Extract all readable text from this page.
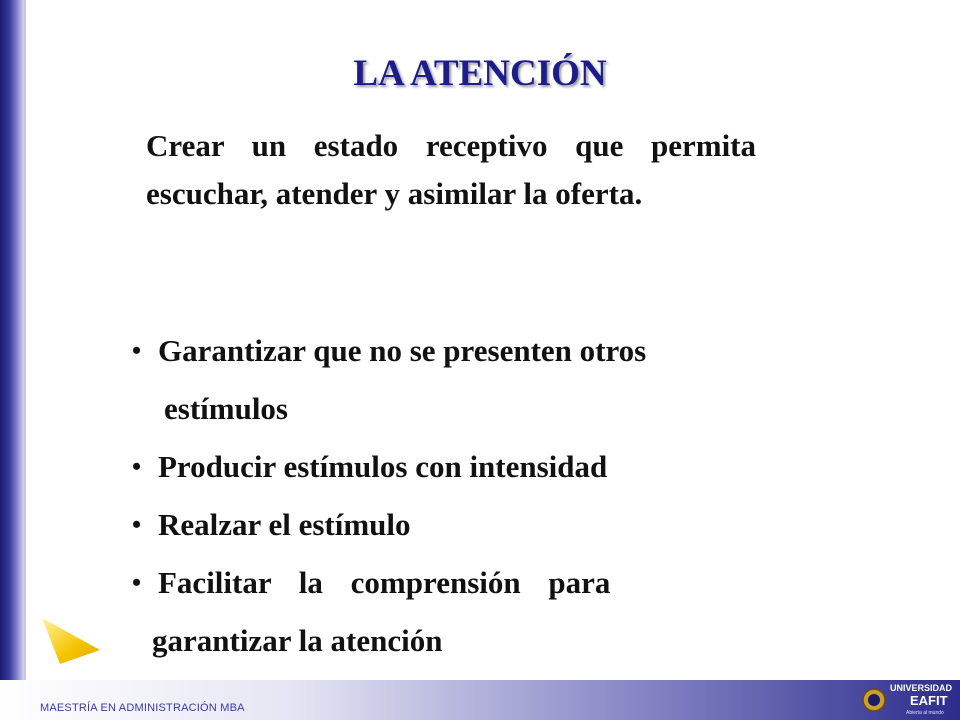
LA ATENCIÓN

Crear un estado receptivo que permita escuchar, atender y asimilar la oferta.

• Garantizar que no se presenten otros
estímulos
• Producir estímulos con intensidad
• Realzar el estímulo
• Facilitar la comprensión para
garantizar la atención
MAESTRÍA EN ADMINISTRACIÓN MBA
UNIVERSIDAD
EAFIT
Abierta al mundo
